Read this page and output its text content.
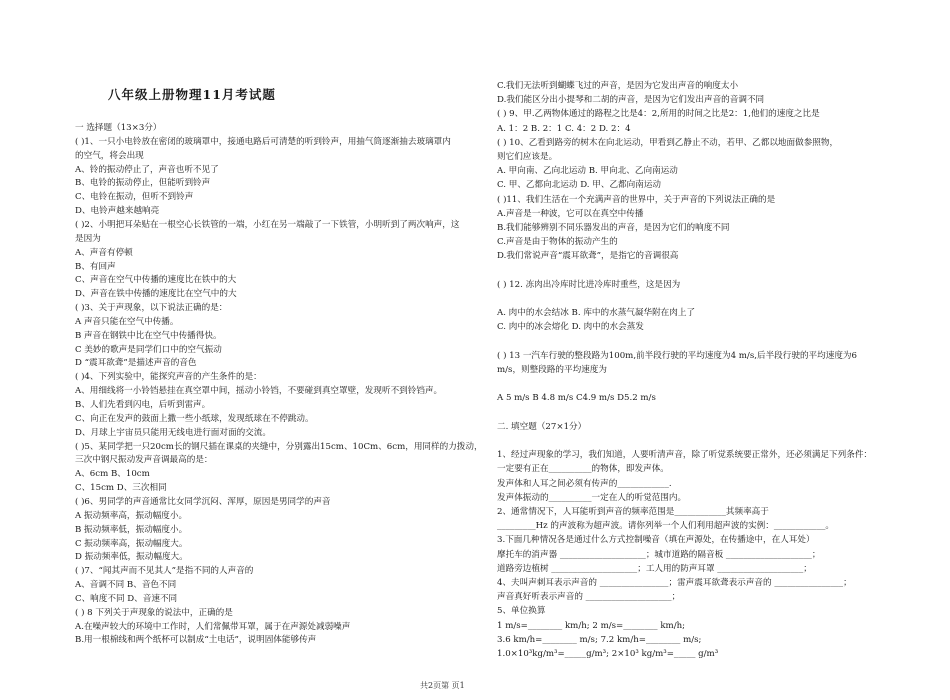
八年级上册物理11月考试题
一 选择题（13×3分）
( )1、一只小电铃放在密闭的玻璃罩中，接通电路后可清楚的听到铃声，用抽气筒逐渐抽去玻璃罩内
的空气，将会出现
A、铃的振动停止了，声音也听不见了
B、电铃的振动停止，但能听到铃声
C、电铃在振动，但听不到铃声
D、电铃声越来越响亮
( )2、小明把耳朵贴在一根空心长铁管的一端，小红在另一端敲了一下铁管，小明听到了两次响声，这
是因为
A、声音有停顿
B、有回声
C、声音在空气中传播的速度比在铁中的大
D、声音在铁中传播的速度比在空气中的大
( )3、关于声现象，以下说法正确的是：
A 声音只能在空气中传播。
B 声音在钢铁中比在空气中传播得快。
C 美妙的歌声是同学们口中的空气振动
D “震耳欲聋”是描述声音的音色
( )4、下列实验中，能探究声音的产生条件的是：
A、用细线将一小铃铛悬挂在真空罩中间，摇动小铃铛，不要碰到真空罩壁，发现听不到铃铛声。
B、人们先看到闪电，后听到雷声。
C、向正在发声的鼓面上撒一些小纸球，发现纸球在不停跳动。
D、月球上宇宙员只能用无线电进行面对面的交流。
( )5、某同学把一只20cm长的钢尺插在课桌的夹缝中，分别露出15cm、10Cm、6cm，用同样的力拨动，
三次中钢尺振动发声音调最高的是：
A、6cm B、10cm
C、15cm D、三次相同
( )6、男同学的声音通常比女同学沉闷、浑厚，原因是男同学的声音
A 振动频率高，振动幅度小。
B 振动频率低，振动幅度小。
C 振动频率高，振动幅度大。
D 振动频率低，振动幅度大。
( )7、“闻其声而不见其人”是指不同的人声音的
A、音调不同 B、音色不同
C、响度不同 D、音速不同
( ) 8 下列关于声现象的说法中，正确的是
A.在噪声较大的环境中工作时，人们常佩带耳罩，属于在声源处减弱噪声
B.用一根棉线和两个纸杯可以制成“土电话”，说明固体能够传声
C.我们无法听到蝴蝶飞过的声音，是因为它发出声音的响度太小
D.我们能区分出小提琴和二胡的声音，是因为它们发出声音的音调不同
( ) 9、甲.乙两物体通过的路程之比是4：2,所用的时间之比是2：1,他们的速度之比是
A. 1：2 B. 2：1 C. 4：2 D. 2：4
( ) 10、乙看到路旁的树木在向北运动，甲看到乙静止不动，若甲、乙都以地面做参照物，
则它们应该是。
A. 甲向南、乙向北运动 B. 甲向北、乙向南运动
C. 甲、乙都向北运动 D. 甲、乙都向南运动
( )11、我们生活在一个充满声音的世界中，关于声音的下列说法正确的是
A.声音是一种波，它可以在真空中传播
B.我们能够辨别不同乐器发出的声音，是因为它们的响度不同
C.声音是由于物体的振动产生的
D.我们常说声音“震耳欲聋”，是指它的音调很高
( ) 12. 冻肉出冷库时比进冷库时重些，这是因为
A. 肉中的水会结冰 B. 库中的水蒸气凝华附在肉上了
C. 肉中的冰会熔化 D. 肉中的水会蒸发
( ) 13 一汽车行驶的整段路为100m,前半段行驶的平均速度为4 m/s,后半段行驶的平均速度为6
m/s，则整段路的平均速度为
A 5 m/s B 4.8 m/s C4.9 m/s D5.2 m/s
二. 填空题（27×1分）
1、经过声现象的学习，我们知道，人要听清声音，除了听觉系统要正常外，还必须满足下列条件：
一定要有正在__________的物体，即发声体。
发声体和人耳之间必须有传声的____________.
发声体振动的__________一定在人的听觉范围内。
2、通常情况下，人耳能听到声音的频率范围是____________其频率高于
_________Hz 的声波称为超声波。请你列举一个人们利用超声波的实例：____________。
3.下面几种情况各是通过什么方式控制噪音（填在声源处，在传播途中，在人耳处）
摩托车的消声器 ____________________；城市道路的隔音板 ____________________；
道路旁边植树 ____________________；工人用的防声耳罩 ____________________；
4、夫叫声刺耳表示声音的 ________________；雷声震耳欲聋表示声音的 ________________；
声音真好听表示声音的 ____________________；
5、单位换算
1 m/s=________ km/h; 2 m/s=________ km/h;
3.6 km/h=________ m/s; 7.2 km/h=________ m/s;
1.0×10³kg/m³=_____g/m³; 2×10³ kg/m³=_____ g/m³
共2页第 页1
